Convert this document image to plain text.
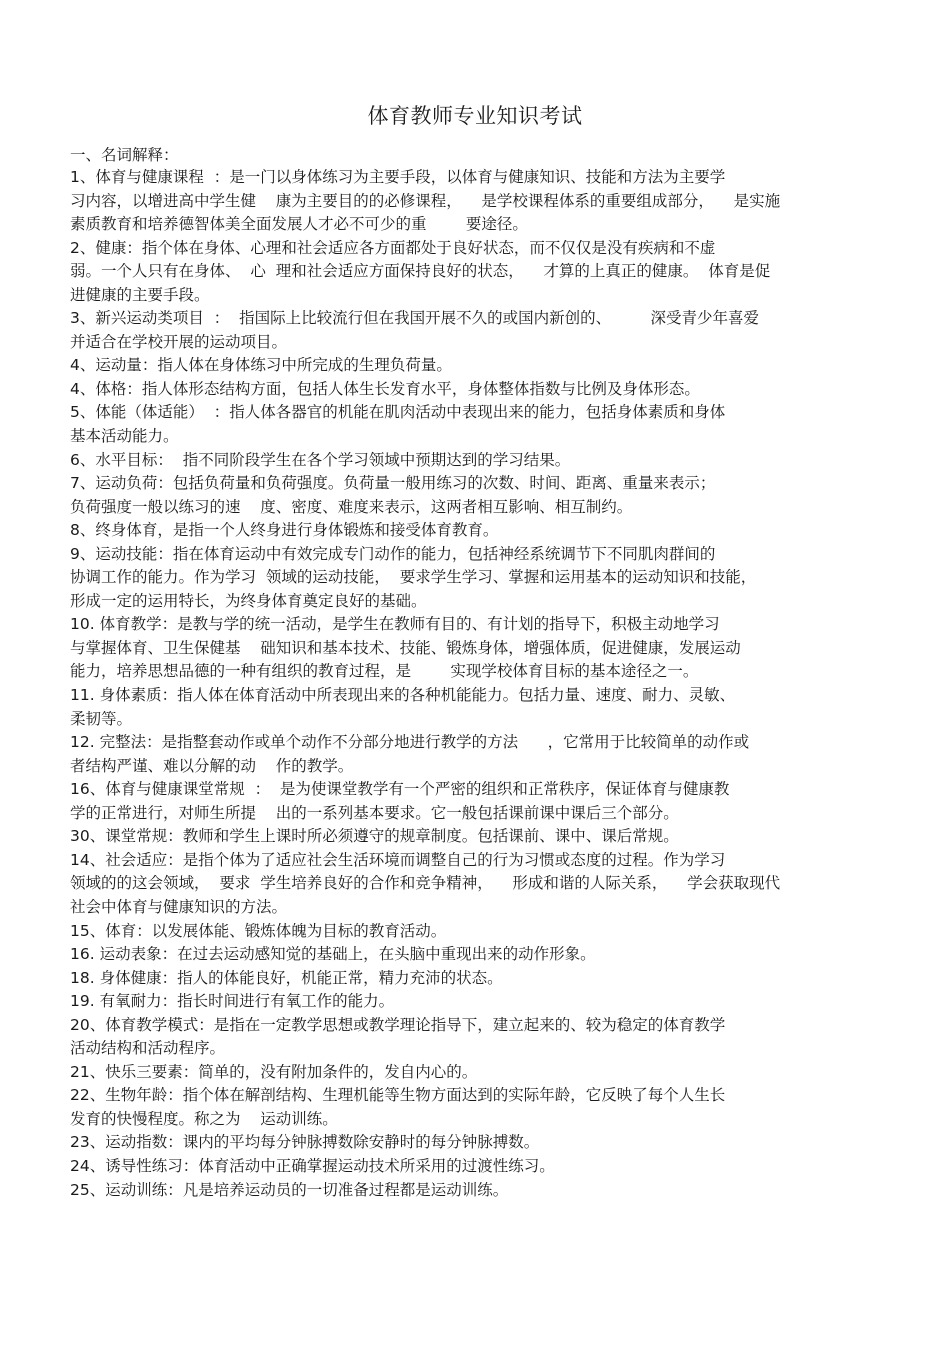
体育教师专业知识考试
一、名词解释：
1、体育与健康课程  ：是一门以身体练习为主要手段，以体育与健康知识、技能和方法为主要学
习内容，以增进高中学生健    康为主要目的的必修课程，    是学校课程体系的重要组成部分，    是实施
素质教育和培养德智体美全面发展人才必不可少的重        要途径。
2、健康：指个体在身体、心理和社会适应各方面都处于良好状态，而不仅仅是没有疾病和不虚
弱。一个人只有在身体、  心  理和社会适应方面保持良好的状态，    才算的上真正的健康。  体育是促
进健康的主要手段。
3、新兴运动类项目  ：  指国际上比较流行但在我国开展不久的或国内新创的、        深受青少年喜爱
并适合在学校开展的运动项目。
4、运动量：指人体在身体练习中所完成的生理负荷量。
4、体格：指人体形态结构方面，包括人体生长发育水平，身体整体指数与比例及身体形态。
5、体能（体适能）  ：指人体各器官的机能在肌肉活动中表现出来的能力，包括身体素质和身体
基本活动能力。
6、水平目标：  指不同阶段学生在各个学习领域中预期达到的学习结果。
7、运动负荷：包括负荷量和负荷强度。负荷量一般用练习的次数、时间、距离、重量来表示；
负荷强度一般以练习的速    度、密度、难度来表示，这两者相互影响、相互制约。
8、终身体育，是指一个人终身进行身体锻炼和接受体育教育。
9、运动技能：指在体育运动中有效完成专门动作的能力，包括神经系统调节下不同肌肉群间的
协调工作的能力。作为学习  领域的运动技能，  要求学生学习、掌握和运用基本的运动知识和技能，
形成一定的运用特长，为终身体育奠定良好的基础。
10. 体育教学：是教与学的统一活动，是学生在教师有目的、有计划的指导下，积极主动地学习
与掌握体育、卫生保健基    础知识和基本技术、技能、锻炼身体，增强体质，促进健康，发展运动
能力，培养思想品德的一种有组织的教育过程，是        实现学校体育目标的基本途径之一。
11. 身体素质：指人体在体育活动中所表现出来的各种机能能力。包括力量、速度、耐力、灵敏、
柔韧等。
12. 完整法：是指整套动作或单个动作不分部分地进行教学的方法      ，它常用于比较简单的动作或
者结构严谨、难以分解的动    作的教学。
16、体育与健康课堂常规  ：  是为使课堂教学有一个严密的组织和正常秩序，保证体育与健康教
学的正常进行，对师生所提    出的一系列基本要求。它一般包括课前课中课后三个部分。
30、课堂常规：教师和学生上课时所必须遵守的规章制度。包括课前、课中、课后常规。
14、社会适应：是指个体为了适应社会生活环境而调整自己的行为习惯或态度的过程。作为学习
领域的的这会领域，  要求  学生培养良好的合作和竞争精神，    形成和谐的人际关系，    学会获取现代
社会中体育与健康知识的方法。
15、体育：以发展体能、锻炼体魄为目标的教育活动。
16. 运动表象：在过去运动感知觉的基础上，在头脑中重现出来的动作形象。
18. 身体健康：指人的体能良好，机能正常，精力充沛的状态。
19. 有氧耐力：指长时间进行有氧工作的能力。
20、体育教学模式：是指在一定教学思想或教学理论指导下，建立起来的、较为稳定的体育教学
活动结构和活动程序。
21、快乐三要素：简单的，没有附加条件的，发自内心的。
22、生物年龄：指个体在解剖结构、生理机能等生物方面达到的实际年龄，它反映了每个人生长
发育的快慢程度。称之为    运动训练。
23、运动指数：课内的平均每分钟脉搏数除安静时的每分钟脉搏数。
24、诱导性练习：体育活动中正确掌握运动技术所采用的过渡性练习。
25、运动训练：凡是培养运动员的一切准备过程都是运动训练。
